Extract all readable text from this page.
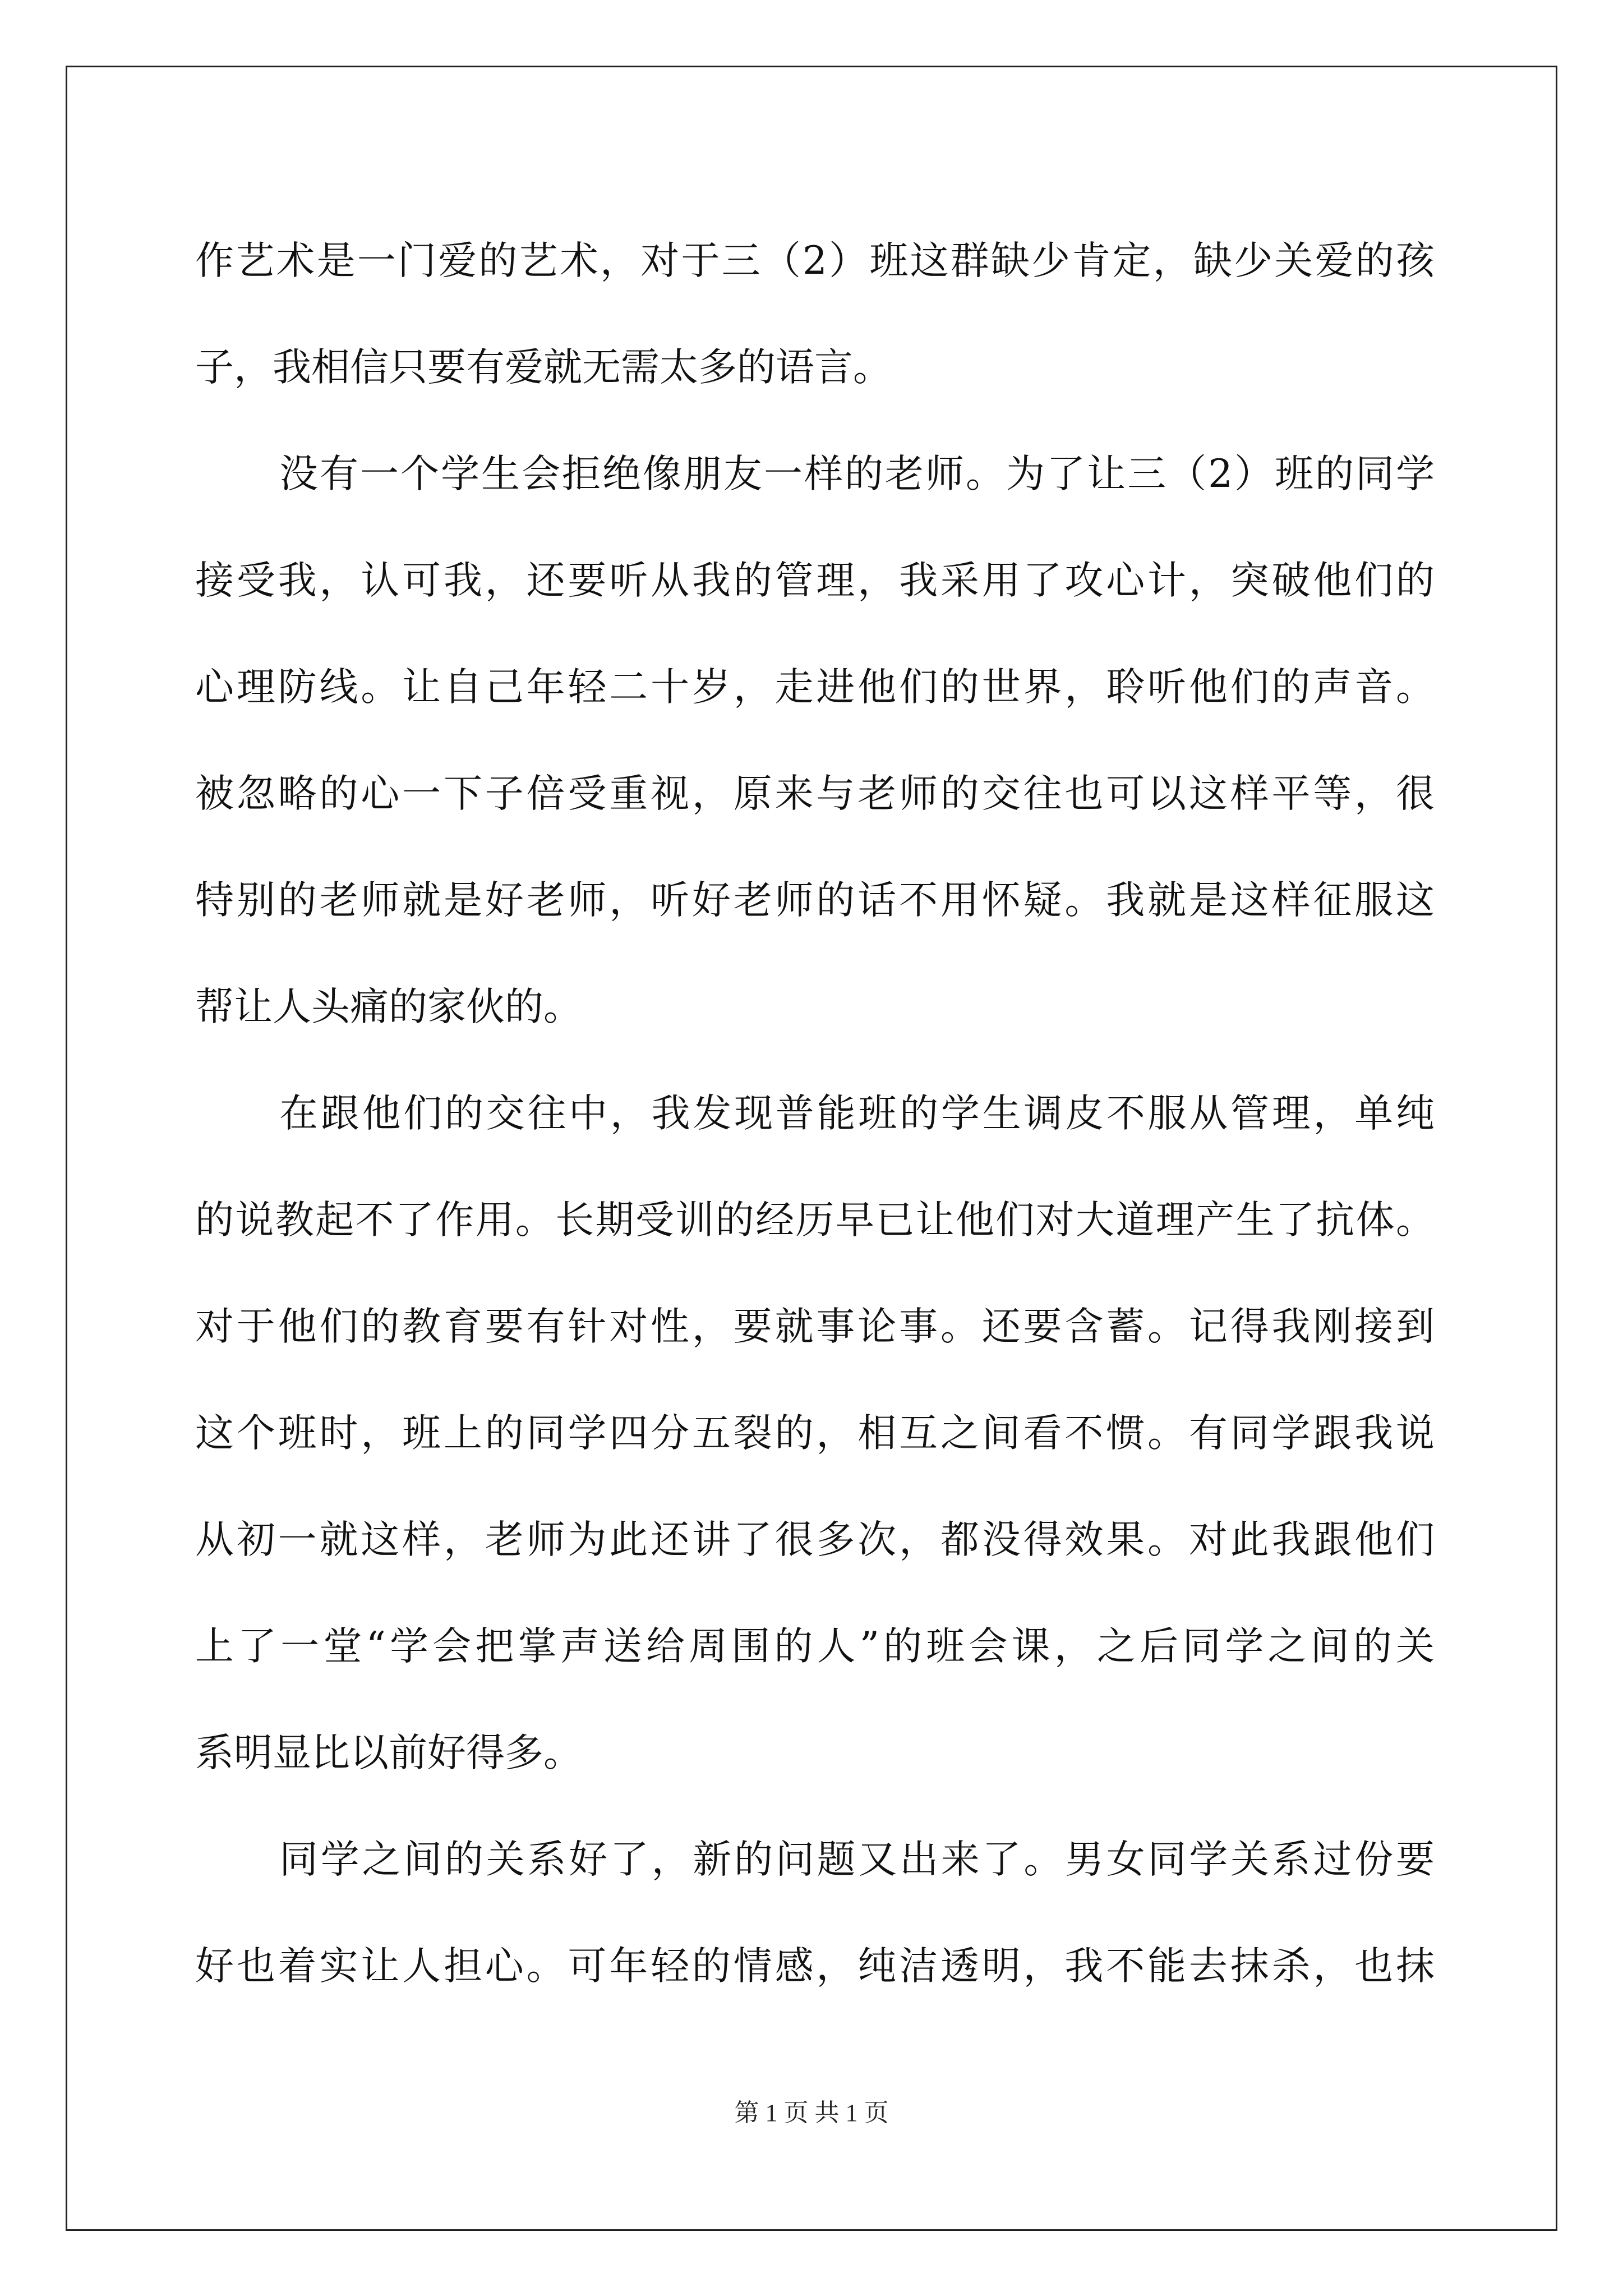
作艺术是一门爱的艺术，对于三（2）班这群缺少肯定，缺少关爱的孩
子，我相信只要有爱就无需太多的语言。
没有一个学生会拒绝像朋友一样的老师。为了让三（2）班的同学
接受我，认可我，还要听从我的管理，我采用了攻心计，突破他们的
心理防线。让自己年轻二十岁，走进他们的世界，聆听他们的声音。
被忽略的心一下子倍受重视，原来与老师的交往也可以这样平等，很
特别的老师就是好老师，听好老师的话不用怀疑。我就是这样征服这
帮让人头痛的家伙的。
在跟他们的交往中，我发现普能班的学生调皮不服从管理，单纯
的说教起不了作用。长期受训的经历早已让他们对大道理产生了抗体。
对于他们的教育要有针对性，要就事论事。还要含蓄。记得我刚接到
这个班时，班上的同学四分五裂的，相互之间看不惯。有同学跟我说
从初一就这样，老师为此还讲了很多次，都没得效果。对此我跟他们
上了一堂“学会把掌声送给周围的人”的班会课，之后同学之间的关
系明显比以前好得多。
同学之间的关系好了，新的问题又出来了。男女同学关系过份要
好也着实让人担心。可年轻的情感，纯洁透明，我不能去抹杀，也抹
第 1 页 共 1 页
